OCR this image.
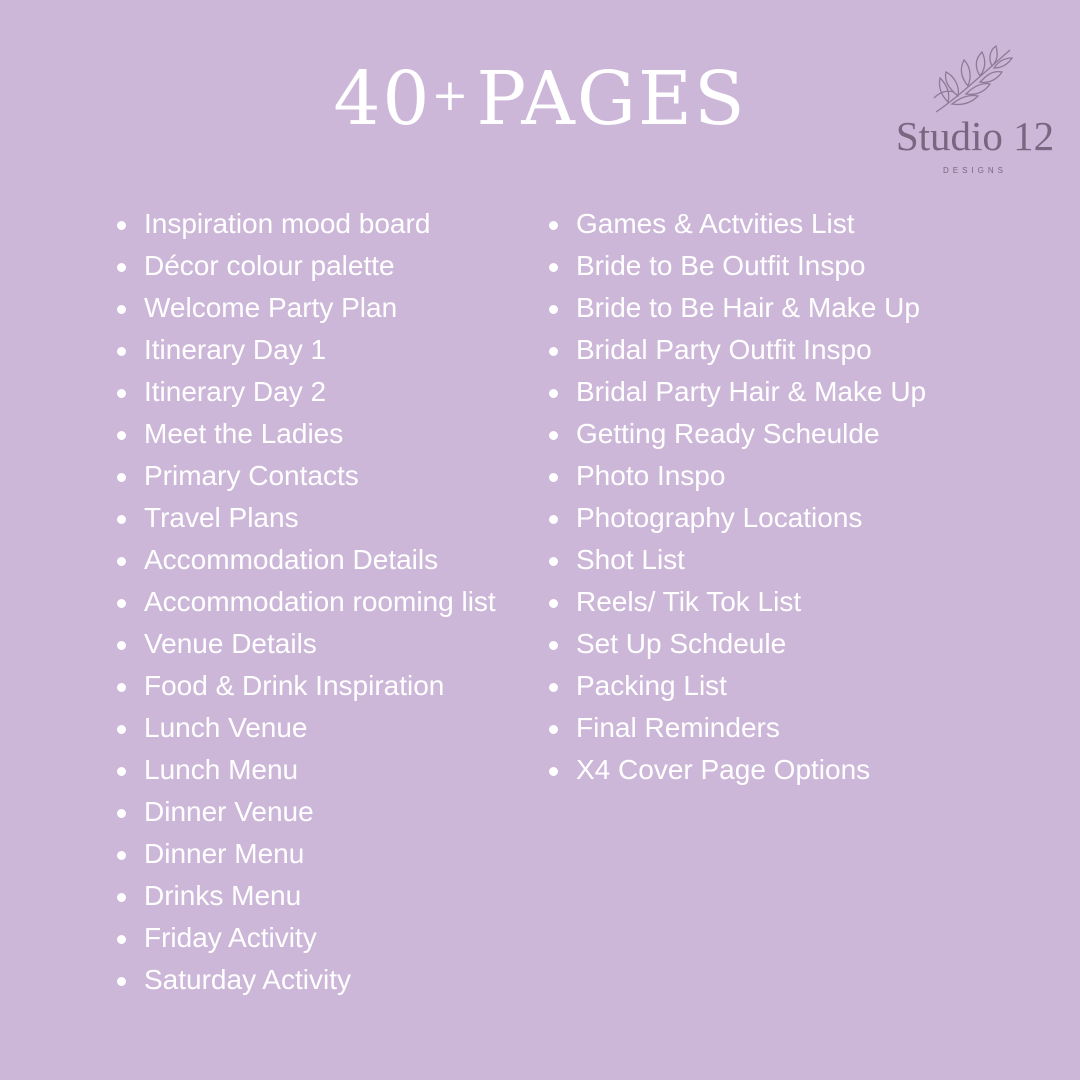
40+PAGES	Studio 12
DESIGNS
Inspiration mood board
Décor colour palette
Welcome Party Plan
Itinerary Day 1
Itinerary Day 2
Meet the Ladies
Primary Contacts
Travel Plans
Accommodation Details
Accommodation rooming list
Venue Details
Food & Drink Inspiration
Lunch Venue
Lunch Menu
Dinner Venue
Dinner Menu
Drinks Menu
Friday Activity
Saturday Activity
Games & Actvities List
Bride to Be Outfit Inspo
Bride to Be Hair & Make Up
Bridal Party Outfit Inspo
Bridal Party Hair & Make Up
Getting Ready Scheulde
Photo Inspo
Photography Locations
Shot List
Reels/ Tik Tok List
Set Up Schdeule
Packing List
Final Reminders
X4 Cover Page Options
